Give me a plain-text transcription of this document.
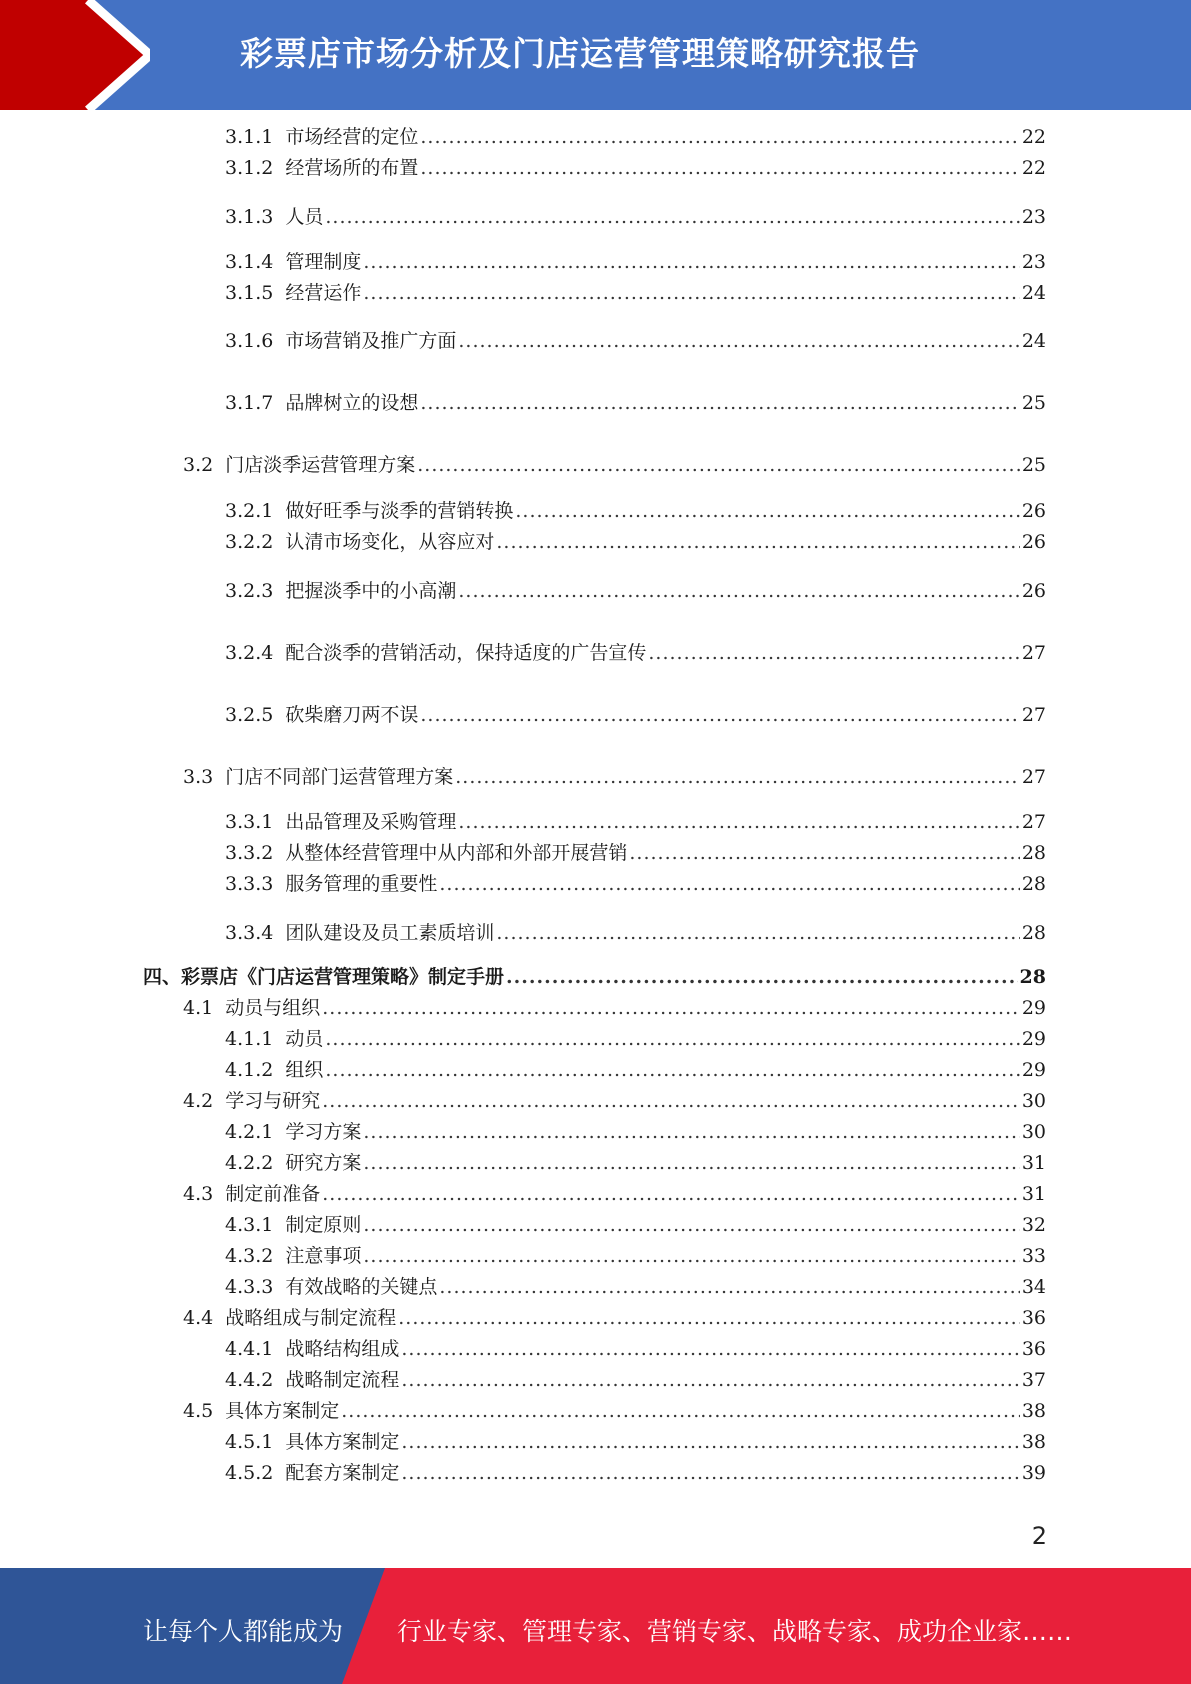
彩票店市场分析及门店运营管理策略研究报告
3.1.1 市场经营的定位 .....	22
3.1.2 经营场所的布置 .....	22
3.1.3 人员 .....	23
3.1.4 管理制度 .....	23
3.1.5 经营运作 .....	24
3.1.6 市场营销及推广方面 .....	24
3.1.7 品牌树立的设想 .....	25
3.2 门店淡季运营管理方案 .....	25
3.2.1 做好旺季与淡季的营销转换 .....	26
3.2.2 认清市场变化，从容应对 .....	26
3.2.3 把握淡季中的小高潮 .....	26
3.2.4 配合淡季的营销活动，保持适度的广告宣传 .....	27
3.2.5 砍柴磨刀两不误 .....	27
3.3 门店不同部门运营管理方案 .....	27
3.3.1 出品管理及采购管理 .....	27
3.3.2 从整体经营管理中从内部和外部开展营销 .....	28
3.3.3 服务管理的重要性 .....	28
3.3.4 团队建设及员工素质培训 .....	28
四、 彩票店《门店运营管理策略》制定手册 .....	28
4.1 动员与组织 .....	29
4.1.1 动员 .....	29
4.1.2 组织 .....	29
4.2 学习与研究 .....	30
4.2.1 学习方案 .....	30
4.2.2 研究方案 .....	31
4.3 制定前准备 .....	31
4.3.1 制定原则 .....	32
4.3.2 注意事项 .....	33
4.3.3 有效战略的关键点 .....	34
4.4 战略组成与制定流程 .....	36
4.4.1 战略结构组成 .....	36
4.4.2 战略制定流程 .....	37
4.5 具体方案制定 .....	38
4.5.1 具体方案制定 .....	38
4.5.2 配套方案制定 .....	39
2
让每个人都能成为 行业专家、管理专家、营销专家、战略专家、成功企业家……
